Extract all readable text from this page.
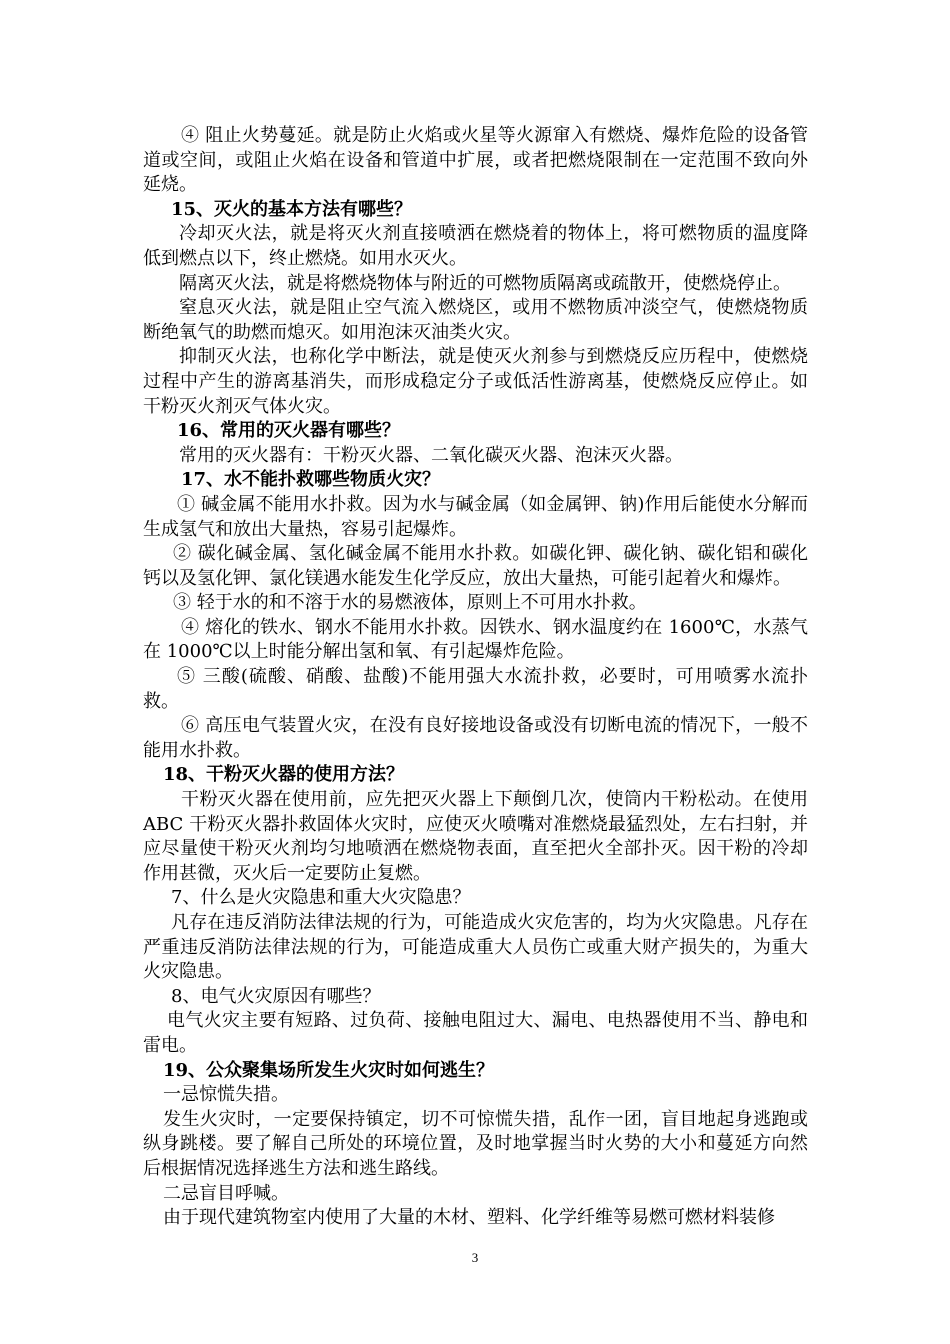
④ 阻止火势蔓延。就是防止火焰或火星等火源窜入有燃烧、爆炸危险的设备管道或空间，或阻止火焰在设备和管道中扩展，或者把燃烧限制在一定范围不致向外延烧。

15、灭火的基本方法有哪些？

冷却灭火法，就是将灭火剂直接喷洒在燃烧着的物体上，将可燃物质的温度降低到燃点以下，终止燃烧。如用水灭火。

隔离灭火法，就是将燃烧物体与附近的可燃物质隔离或疏散开，使燃烧停止。

窒息灭火法，就是阻止空气流入燃烧区，或用不燃物质冲淡空气，使燃烧物质断绝氧气的助燃而熄灭。如用泡沫灭油类火灾。

抑制灭火法，也称化学中断法，就是使灭火剂参与到燃烧反应历程中，使燃烧过程中产生的游离基消失，而形成稳定分子或低活性游离基，使燃烧反应停止。如干粉灭火剂灭气体火灾。

16、常用的灭火器有哪些？

常用的灭火器有：干粉灭火器、二氧化碳灭火器、泡沫灭火器。

17、水不能扑救哪些物质火灾？

① 碱金属不能用水扑救。因为水与碱金属（如金属钾、钠)作用后能使水分解而生成氢气和放出大量热，容易引起爆炸。

② 碳化碱金属、氢化碱金属不能用水扑救。如碳化钾、碳化钠、碳化铝和碳化钙以及氢化钾、氯化镁遇水能发生化学反应，放出大量热，可能引起着火和爆炸。

③ 轻于水的和不溶于水的易燃液体，原则上不可用水扑救。

④ 熔化的铁水、钢水不能用水扑救。因铁水、钢水温度约在 1600℃，水蒸气在 1000℃以上时能分解出氢和氧、有引起爆炸危险。

⑤ 三酸(硫酸、硝酸、盐酸)不能用强大水流扑救，必要时，可用喷雾水流扑救。

⑥ 高压电气装置火灾，在没有良好接地设备或没有切断电流的情况下，一般不能用水扑救。

18、干粉灭火器的使用方法？

干粉灭火器在使用前，应先把灭火器上下颠倒几次，使筒内干粉松动。在使用 ABC 干粉灭火器扑救固体火灾时，应使灭火喷嘴对准燃烧最猛烈处，左右扫射，并应尽量使干粉灭火剂均匀地喷洒在燃烧物表面，直至把火全部扑灭。因干粉的冷却作用甚微，灭火后一定要防止复燃。

7、什么是火灾隐患和重大火灾隐患？

凡存在违反消防法律法规的行为，可能造成火灾危害的，均为火灾隐患。凡存在严重违反消防法律法规的行为，可能造成重大人员伤亡或重大财产损失的，为重大火灾隐患。

8、电气火灾原因有哪些？

电气火灾主要有短路、过负荷、接触电阻过大、漏电、电热器使用不当、静电和雷电。

19、公众聚集场所发生火灾时如何逃生？

一忌惊慌失措。

发生火灾时，一定要保持镇定，切不可惊慌失措，乱作一团，盲目地起身逃跑或纵身跳楼。要了解自己所处的环境位置，及时地掌握当时火势的大小和蔓延方向然后根据情况选择逃生方法和逃生路线。

二忌盲目呼喊。

由于现代建筑物室内使用了大量的木材、塑料、化学纤维等易燃可燃材料装修

3
